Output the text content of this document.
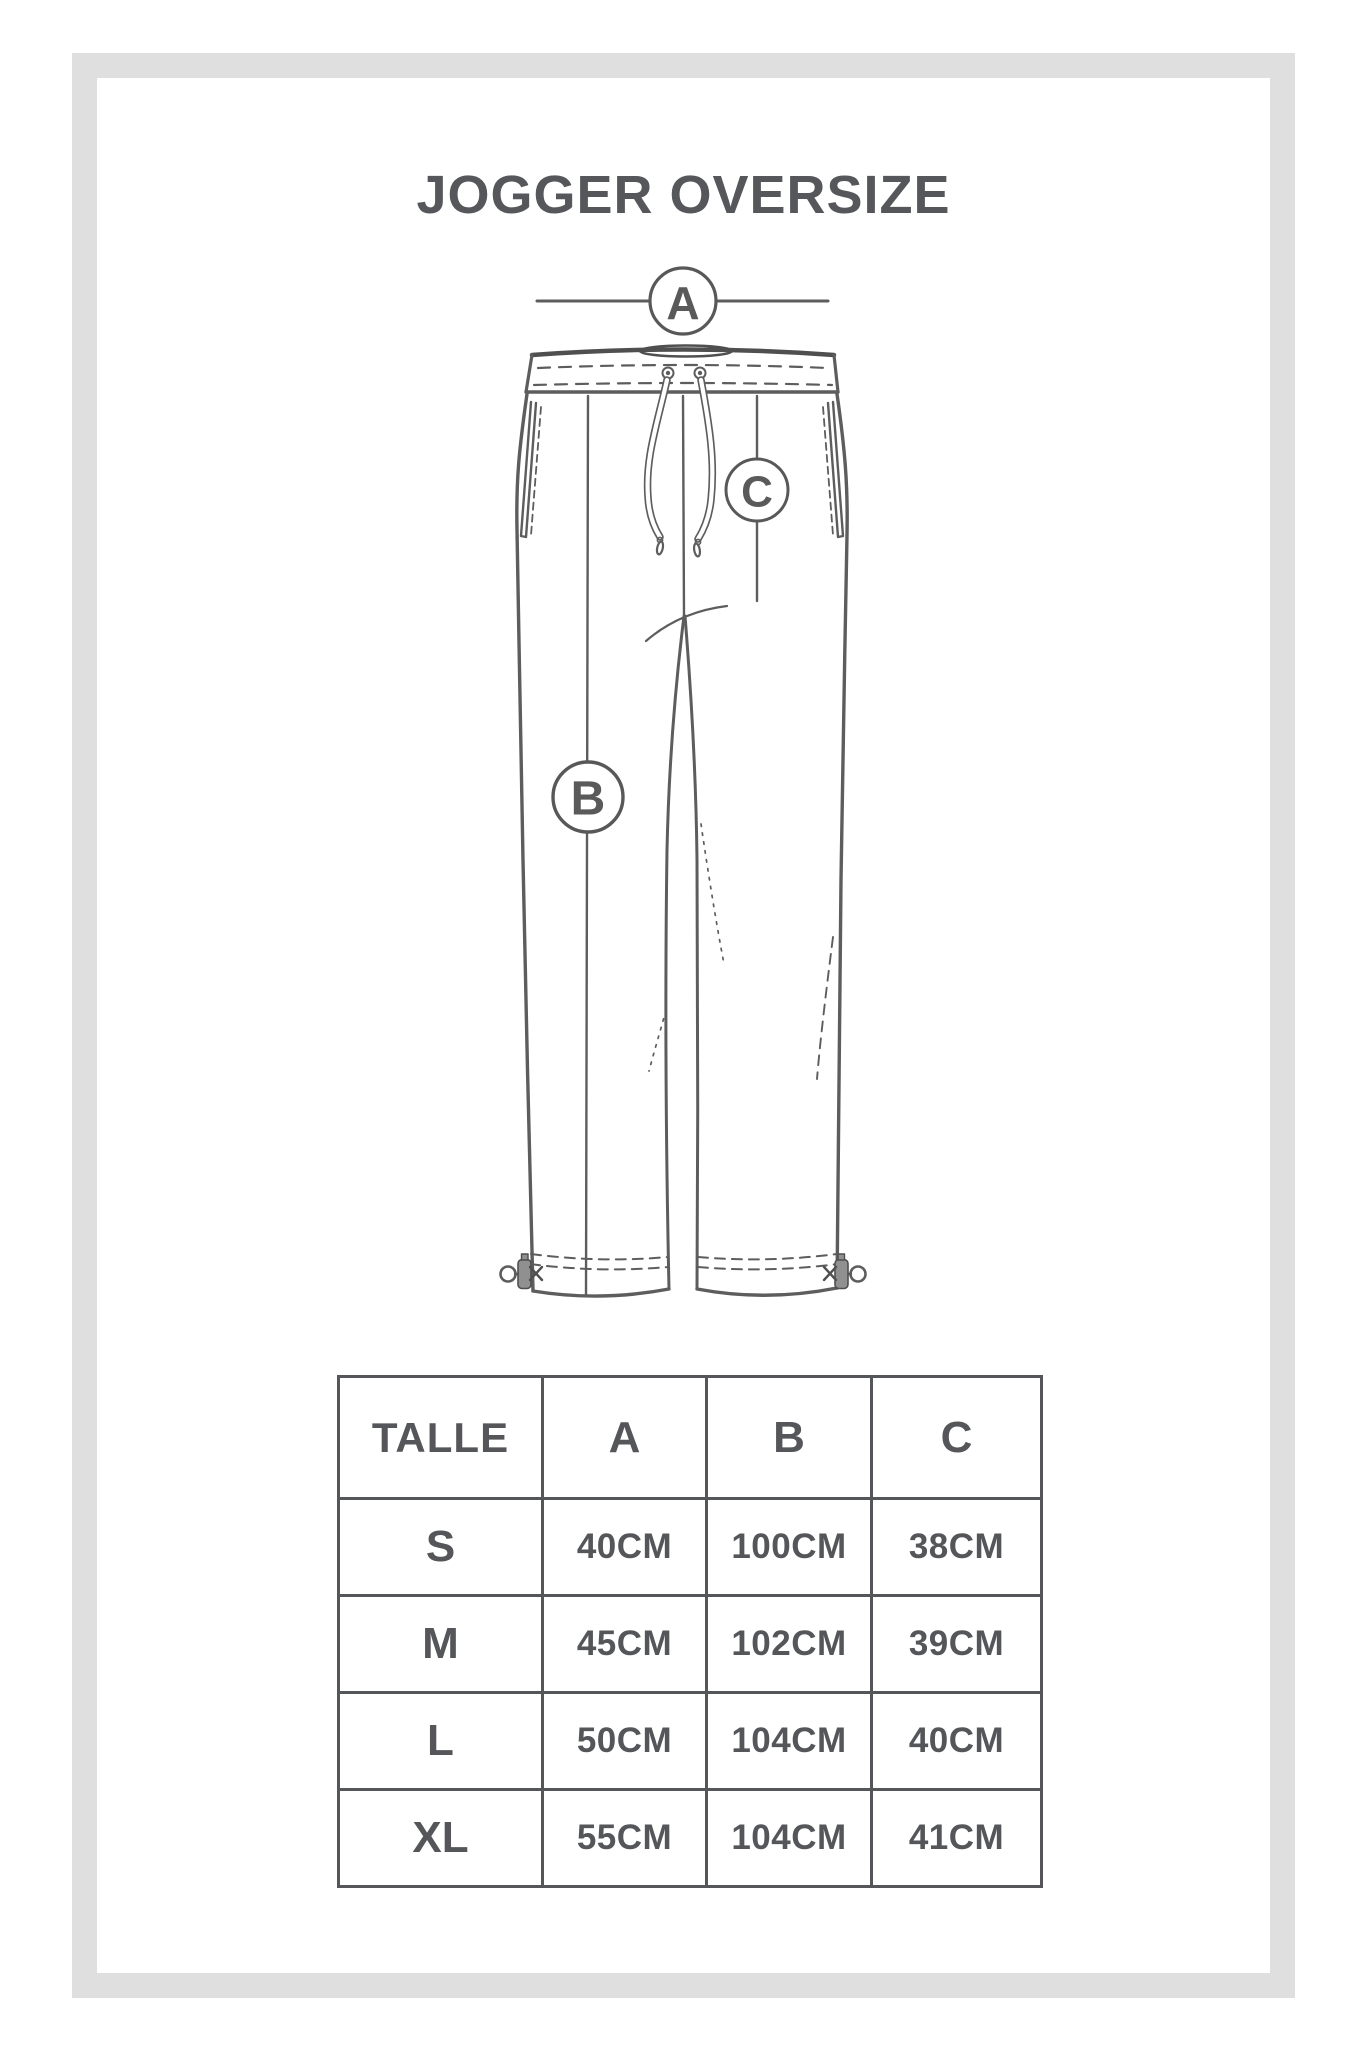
JOGGER OVERSIZE
A
B
C
TALLE	A	B	C
S	40CM	100CM	38CM
M	45CM	102CM	39CM
L	50CM	104CM	40CM
XL	55CM	104CM	41CM
